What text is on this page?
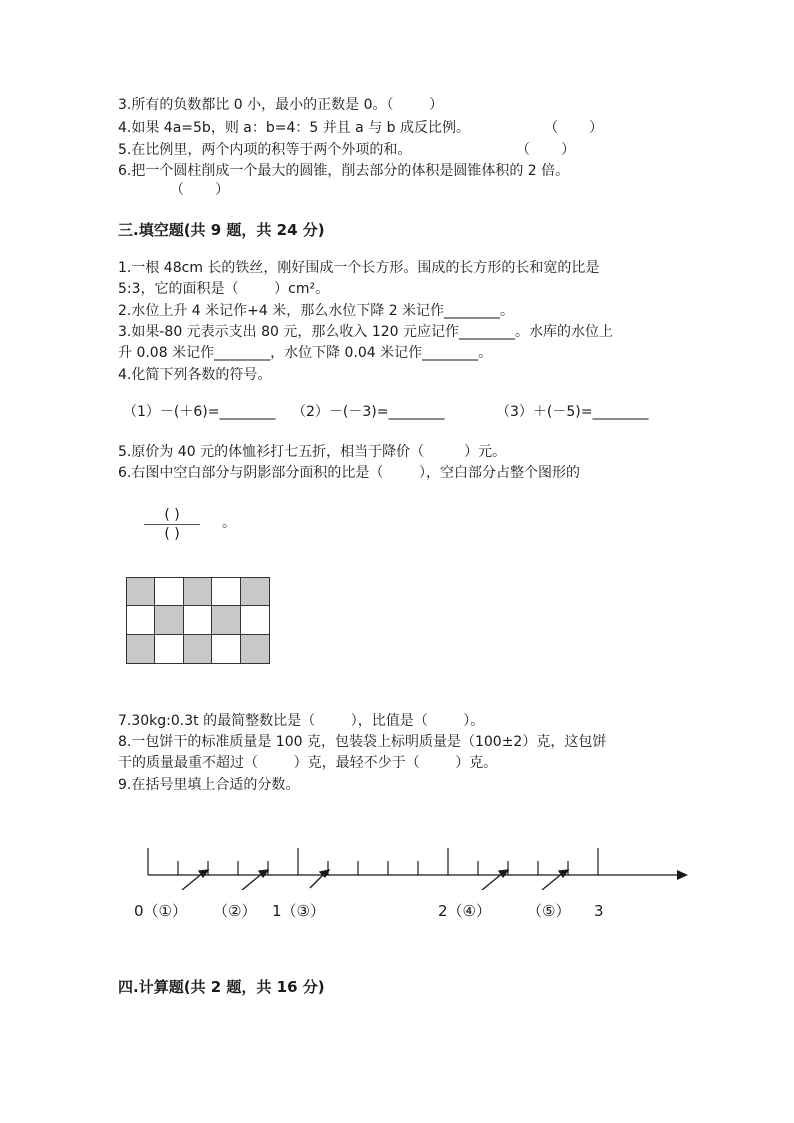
3.所有的负数都比 0 小，最小的正数是 0。（        ）
4.如果 4a=5b，则 a：b=4：5 并且 a 与 b 成反比例。	（       ）
5.在比例里，两个内项的积等于两个外项的和。	（       ）
6.把一个圆柱削成一个最大的圆锥，削去部分的体积是圆锥体积的 2 倍。
（       ）
三.填空题(共 9 题，共 24 分)
1.一根 48cm 长的铁丝，刚好围成一个长方形。围成的长方形的长和宽的比是
5:3，它的面积是（        ）cm²。
2.水位上升 4 米记作+4 米，那么水位下降 2 米记作________。
3.如果-80 元表示支出 80 元，那么收入 120 元应记作________。水库的水位上
升 0.08 米记作________，水位下降 0.04 米记作________。
4.化简下列各数的符号。
（1）－(＋6)=________ （2）－(－3)=________	（3）＋(－5)=________
5.原价为 40 元的体恤衫打七五折，相当于降价（         ）元。
6.右图中空白部分与阴影部分面积的比是（        ），空白部分占整个图形的
( )
( )
。
7.30kg:0.3t 的最简整数比是（        ），比值是（        ）。
8.一包饼干的标准质量是 100 克，包装袋上标明质量是（100±2）克，这包饼
干的质量最重不超过（        ）克，最轻不少于（        ）克。
9.在括号里填上合适的分数。
0（①） （②） 1（③）	2（④） （⑤） 3
四.计算题(共 2 题，共 16 分)
